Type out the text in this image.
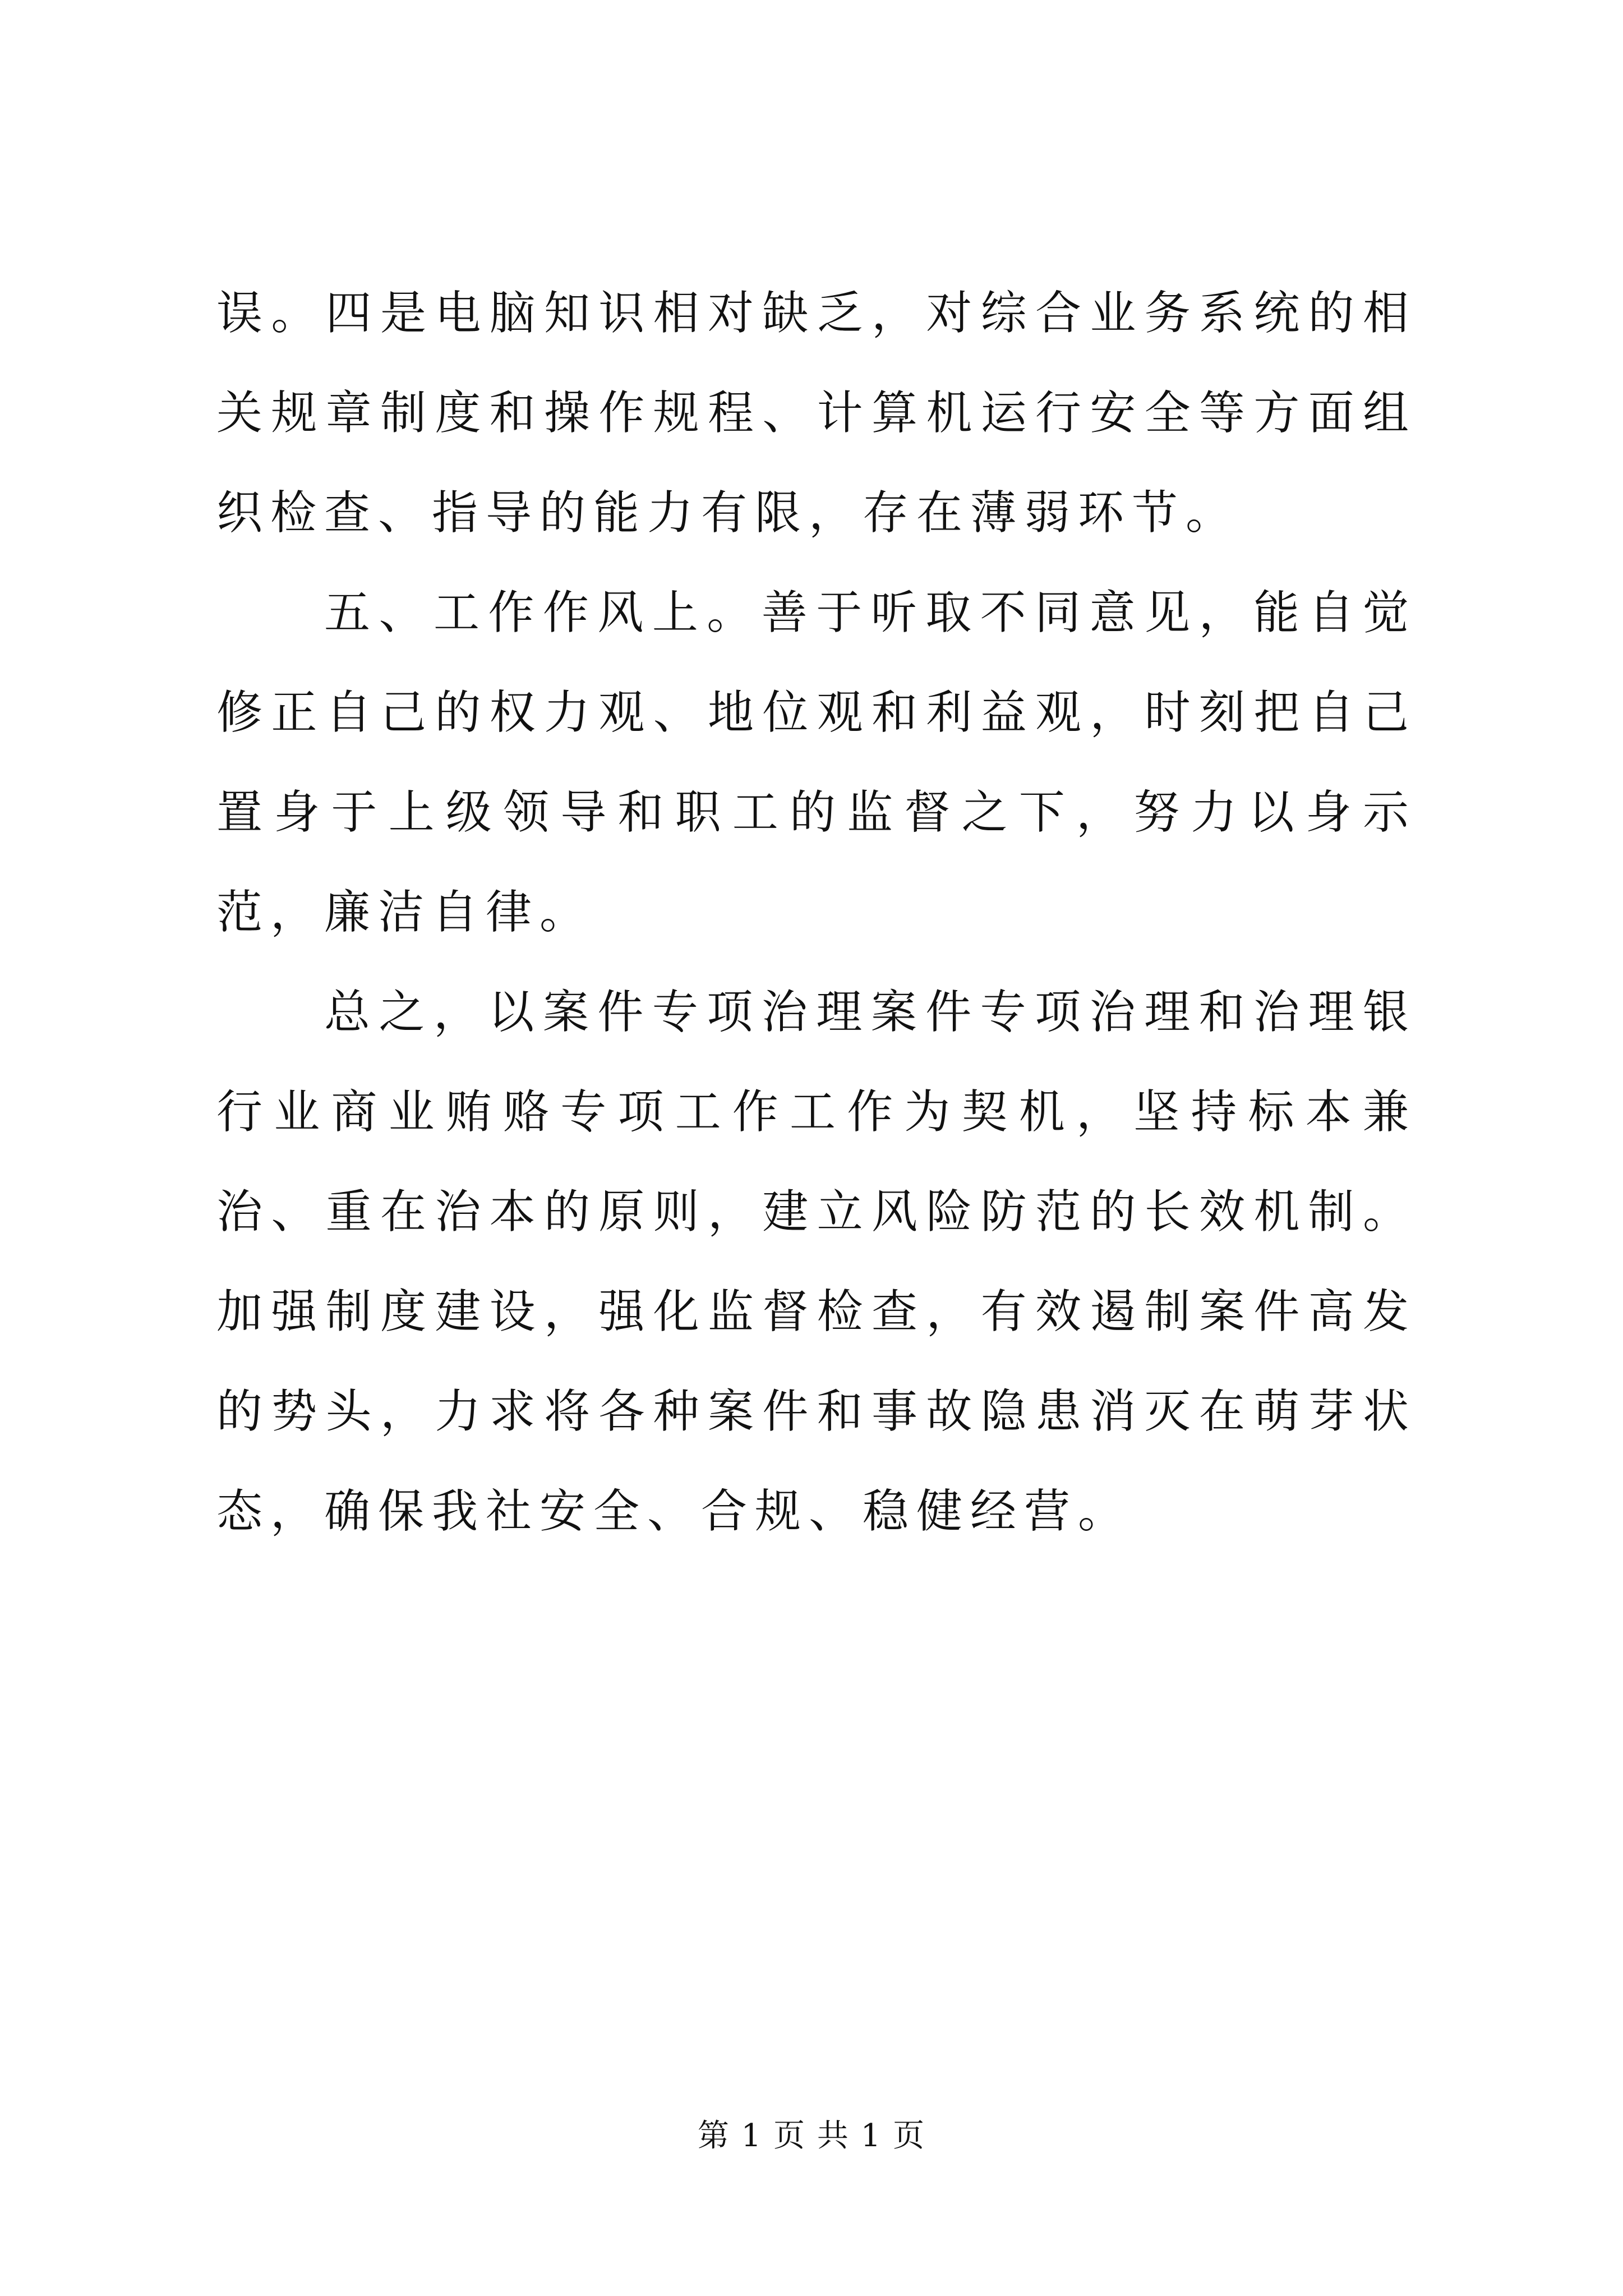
误。四是电脑知识相对缺乏，对综合业务系统的相关规章制度和操作规程、计算机运行安全等方面组织检查、指导的能力有限，存在薄弱环节。

五、工作作风上。善于听取不同意见，能自觉修正自己的权力观、地位观和利益观，时刻把自己置身于上级领导和职工的监督之下，努力以身示范，廉洁自律。

总之，以案件专项治理案件专项治理和治理银行业商业贿赂专项工作工作为契机，坚持标本兼治、重在治本的原则，建立风险防范的长效机制。加强制度建设，强化监督检查，有效遏制案件高发的势头，力求将各种案件和事故隐患消灭在萌芽状态，确保我社安全、合规、稳健经营。

第 1 页 共 1 页
